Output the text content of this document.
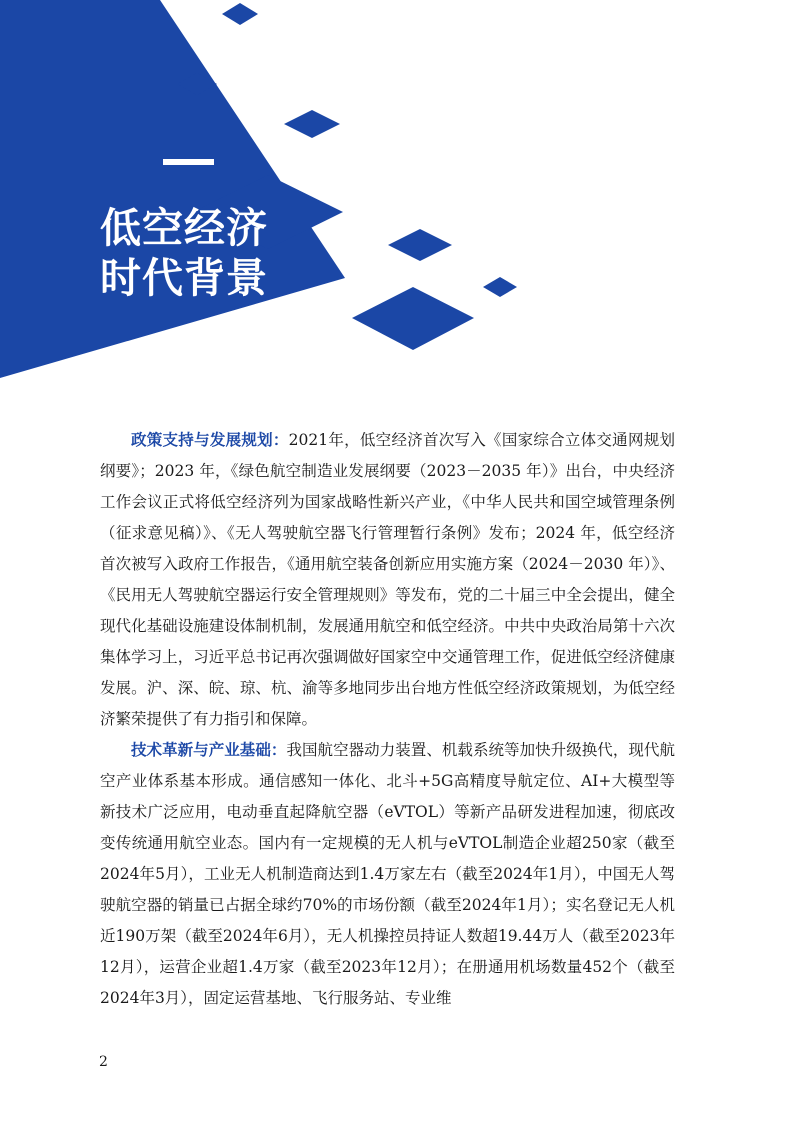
低空经济
时代背景

政策支持与发展规划：2021年，低空经济首次写入《国家综合立体交通网规划纲要》；2023 年，《绿色航空制造业发展纲要（2023－2035 年）》出台，中央经济工作会议正式将低空经济列为国家战略性新兴产业，《中华人民共和国空域管理条例（征求意见稿）》、《无人驾驶航空器飞行管理暂行条例》发布；2024 年，低空经济首次被写入政府工作报告，《通用航空装备创新应用实施方案（2024－2030 年）》、《民用无人驾驶航空器运行安全管理规则》等发布，党的二十届三中全会提出，健全现代化基础设施建设体制机制，发展通用航空和低空经济。中共中央政治局第十六次集体学习上，习近平总书记再次强调做好国家空中交通管理工作，促进低空经济健康发展。沪、深、皖、琼、杭、渝等多地同步出台地方性低空经济政策规划，为低空经济繁荣提供了有力指引和保障。

技术革新与产业基础：我国航空器动力装置、机载系统等加快升级换代，现代航空产业体系基本形成。通信感知一体化、北斗+5G高精度导航定位、AI+大模型等新技术广泛应用，电动垂直起降航空器（eVTOL）等新产品研发进程加速，彻底改变传统通用航空业态。国内有一定规模的无人机与eVTOL制造企业超250家（截至2024年5月），工业无人机制造商达到1.4万家左右（截至2024年1月），中国无人驾驶航空器的销量已占据全球约70%的市场份额（截至2024年1月）；实名登记无人机近190万架（截至2024年6月），无人机操控员持证人数超19.44万人（截至2023年12月），运营企业超1.4万家（截至2023年12月）；在册通用机场数量452个（截至2024年3月），固定运营基地、飞行服务站、专业维

2
